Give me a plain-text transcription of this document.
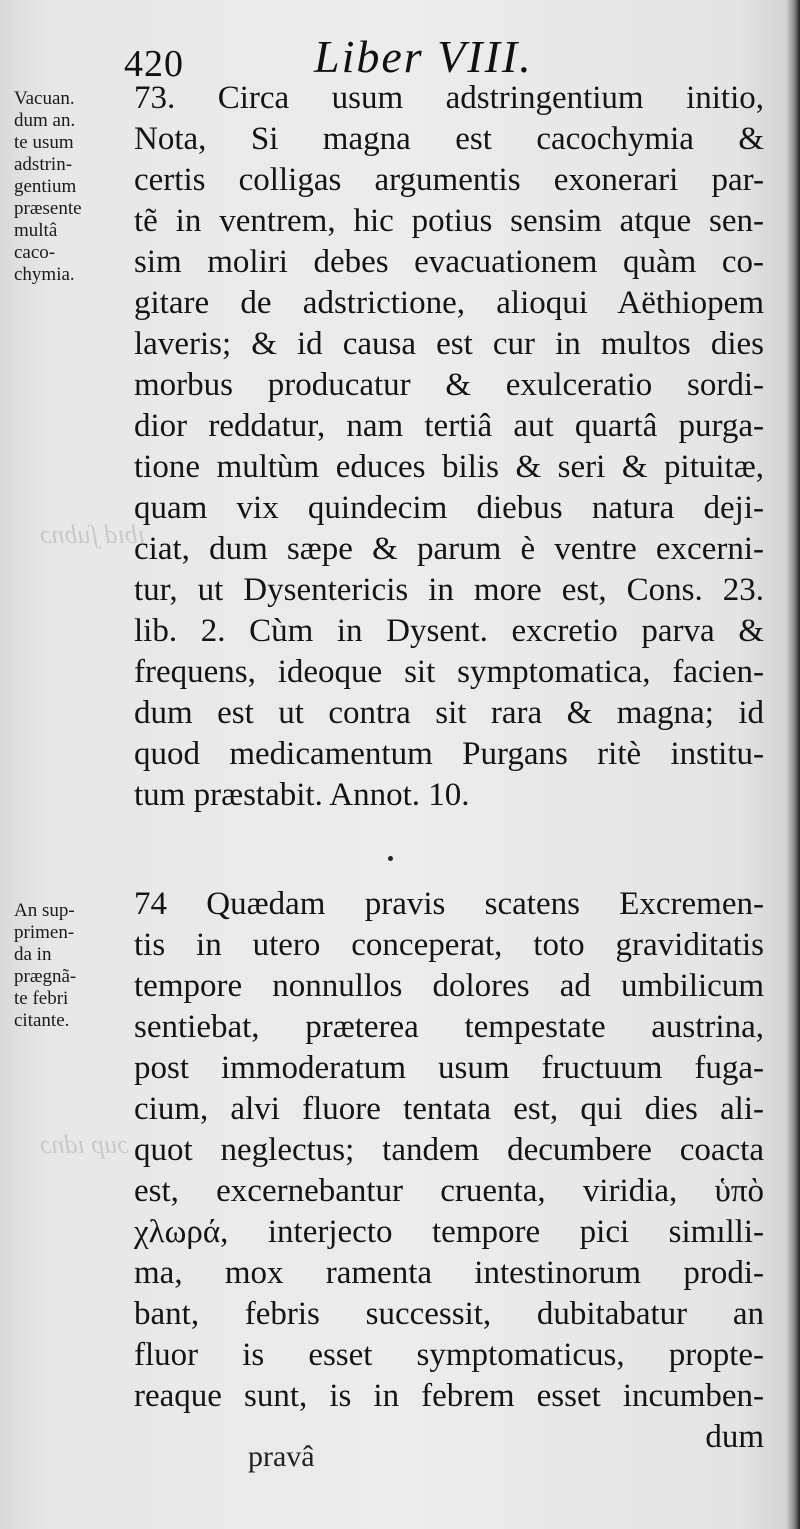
ıbıd ʃubnɔ
ɔup ıdnɔ
420	Liber VIII.
Vacuan.
dum an.
te usum
adstrin-
gentium
præsente
multâ
caco-
chymia.
An sup-
primen-
da in
prægnã-
te febri
citante.
73. Circa usum adstringentium initio,
Nota, Si magna est cacochymia &
certis colligas argumentis exonerari par-
tẽ in ventrem, hic potius sensim atque sen-
sim moliri debes evacuationem quàm co-
gitare de adstrictione, alioqui Aëthiopem
laveris; & id causa est cur in multos dies
morbus producatur & exulceratio sordi-
dior reddatur, nam tertiâ aut quartâ purga-
tione multùm educes bilis & seri & pituitæ,
quam vix quindecim diebus natura deji-
ciat, dum sæpe & parum è ventre excerni-
tur, ut Dysentericis in more est, Cons. 23.
lib. 2. Cùm in Dysent. excretio parva &
frequens, ideoque sit symptomatica, facien-
dum est ut contra sit rara & magna; id
quod medicamentum Purgans ritè institu-
tum præstabit. Annot. 10.
74 Quædam pravis scatens Excremen-
tis in utero conceperat, toto graviditatis
tempore nonnullos dolores ad umbilicum
sentiebat, præterea tempestate austrina,
post immoderatum usum fructuum fuga-
cium, alvi fluore tentata est, qui dies ali-
quot neglectus; tandem decumbere coacta
est, excernebantur cruenta, viridia, ὑπὸ
χλωρά, interjecto tempore pici simılli-
ma, mox ramenta intestinorum prodi-
bant, febris successit, dubitabatur an
fluor is esset symptomaticus, propte-
reaque sunt, is in febrem esset incumben-
dum
pravâ
